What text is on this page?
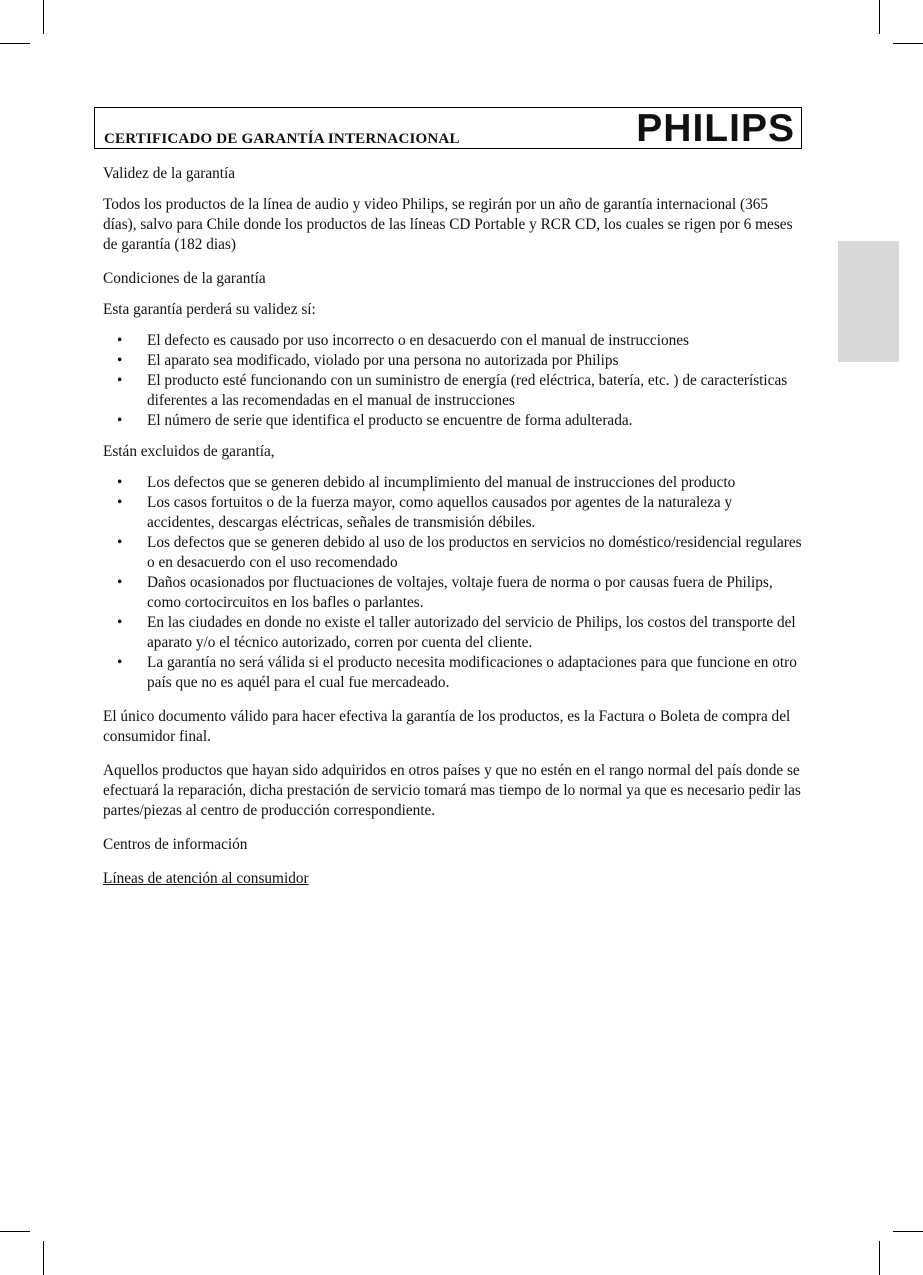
CERTIFICADO DE GARANTÍA INTERNACIONAL	PHILIPS

Validez de la garantía

Todos los productos de la línea de audio y video Philips, se regirán por un año de garantía internacional (365 días), salvo para Chile donde los productos de las líneas CD Portable y RCR CD, los cuales se rigen por 6 meses de garantía (182 dias)

Condiciones de la garantía

Esta garantía perderá su validez sí:

• El defecto es causado por uso incorrecto o en desacuerdo con el manual de instrucciones
• El aparato sea modificado, violado por una persona no autorizada por Philips
• El producto esté funcionando con un suministro de energía (red eléctrica, batería, etc. ) de características diferentes a las recomendadas en el manual de instrucciones
• El número de serie que identifica el producto se encuentre de forma adulterada.

Están excluidos de garantía,

• Los defectos que se generen debido al incumplimiento del manual de instrucciones del producto
• Los casos fortuitos o de la fuerza mayor, como aquellos causados por agentes de la naturaleza y accidentes, descargas eléctricas, señales de transmisión débiles.
• Los defectos que se generen debido al uso de los productos en servicios no doméstico/residencial regulares o en desacuerdo con el uso recomendado
• Daños ocasionados por fluctuaciones de voltajes, voltaje fuera de norma o por causas fuera de Philips, como cortocircuitos en los bafles o parlantes.
• En las ciudades en donde no existe el taller autorizado del servicio de Philips, los costos del transporte del aparato y/o el técnico autorizado, corren por cuenta del cliente.
• La garantía no será válida si el producto necesita modificaciones o adaptaciones para que funcione en otro país que no es aquél para el cual fue mercadeado.

El único documento válido para hacer efectiva la garantía de los productos, es la Factura o Boleta de compra del consumidor final.

Aquellos productos que hayan sido adquiridos en otros países y que no estén en el rango normal del país donde se efectuará la reparación, dicha prestación de servicio tomará mas tiempo de lo normal ya que es necesario pedir las partes/piezas al centro de producción correspondiente.

Centros de información

Líneas de atención al consumidor
